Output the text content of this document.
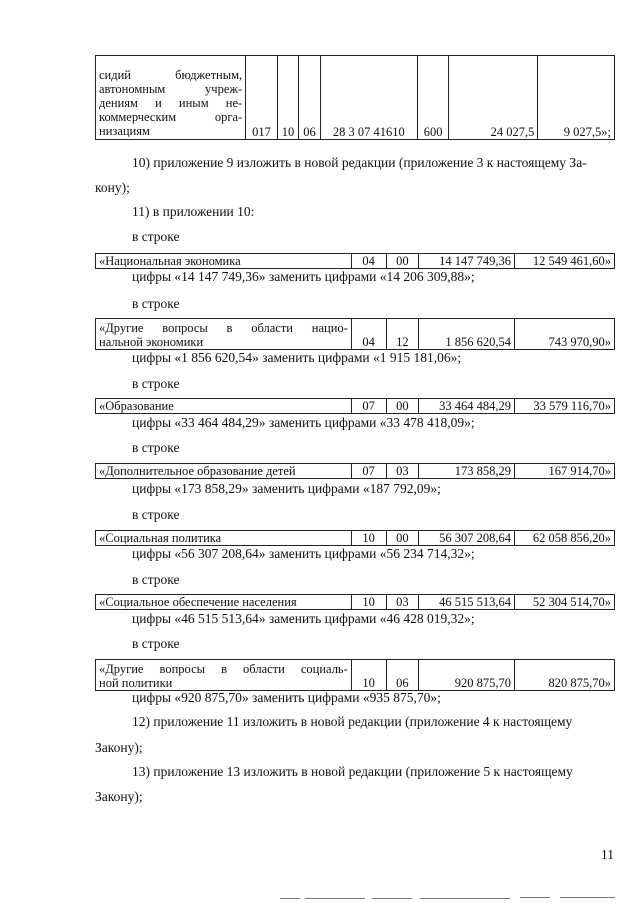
сидий бюджетным,
автономным учреж-
дениям и иным не-
коммерческим орга-
низациям	017	10	06	28 3 07 41610	600	24 027,5	9 027,5»;
10) приложение 9 изложить в новой редакции (приложение 3 к настоящему За-
кону);
11) в приложении 10:
в строке
«Национальная экономика	04	00	14 147 749,36	12 549 461,60»
цифры «14 147 749,36» заменить цифрами «14 206 309,88»;
в строке
«Другие вопросы в области нацио-
нальной экономики	04	12	1 856 620,54	743 970,90»
цифры «1 856 620,54» заменить цифрами «1 915 181,06»;
в строке
«Образование	07	00	33 464 484,29	33 579 116,70»
цифры «33 464 484,29» заменить цифрами «33 478 418,09»;
в строке
«Дополнительное образование детей	07	03	173 858,29	167 914,70»
цифры «173 858,29» заменить цифрами «187 792,09»;
в строке
«Социальная политика	10	00	56 307 208,64	62 058 856,20»
цифры «56 307 208,64» заменить цифрами «56 234 714,32»;
в строке
«Социальное обеспечение населения	10	03	46 515 513,64	52 304 514,70»
цифры «46 515 513,64» заменить цифрами «46 428 019,32»;
в строке
«Другие вопросы в области социаль-
ной политики	10	06	920 875,70	820 875,70»
цифры «920 875,70» заменить цифрами «935 875,70»;
12) приложение 11 изложить в новой редакции (приложение 4 к настоящему
Закону);
13) приложение 13 изложить в новой редакции (приложение 5 к настоящему
Закону);
11
